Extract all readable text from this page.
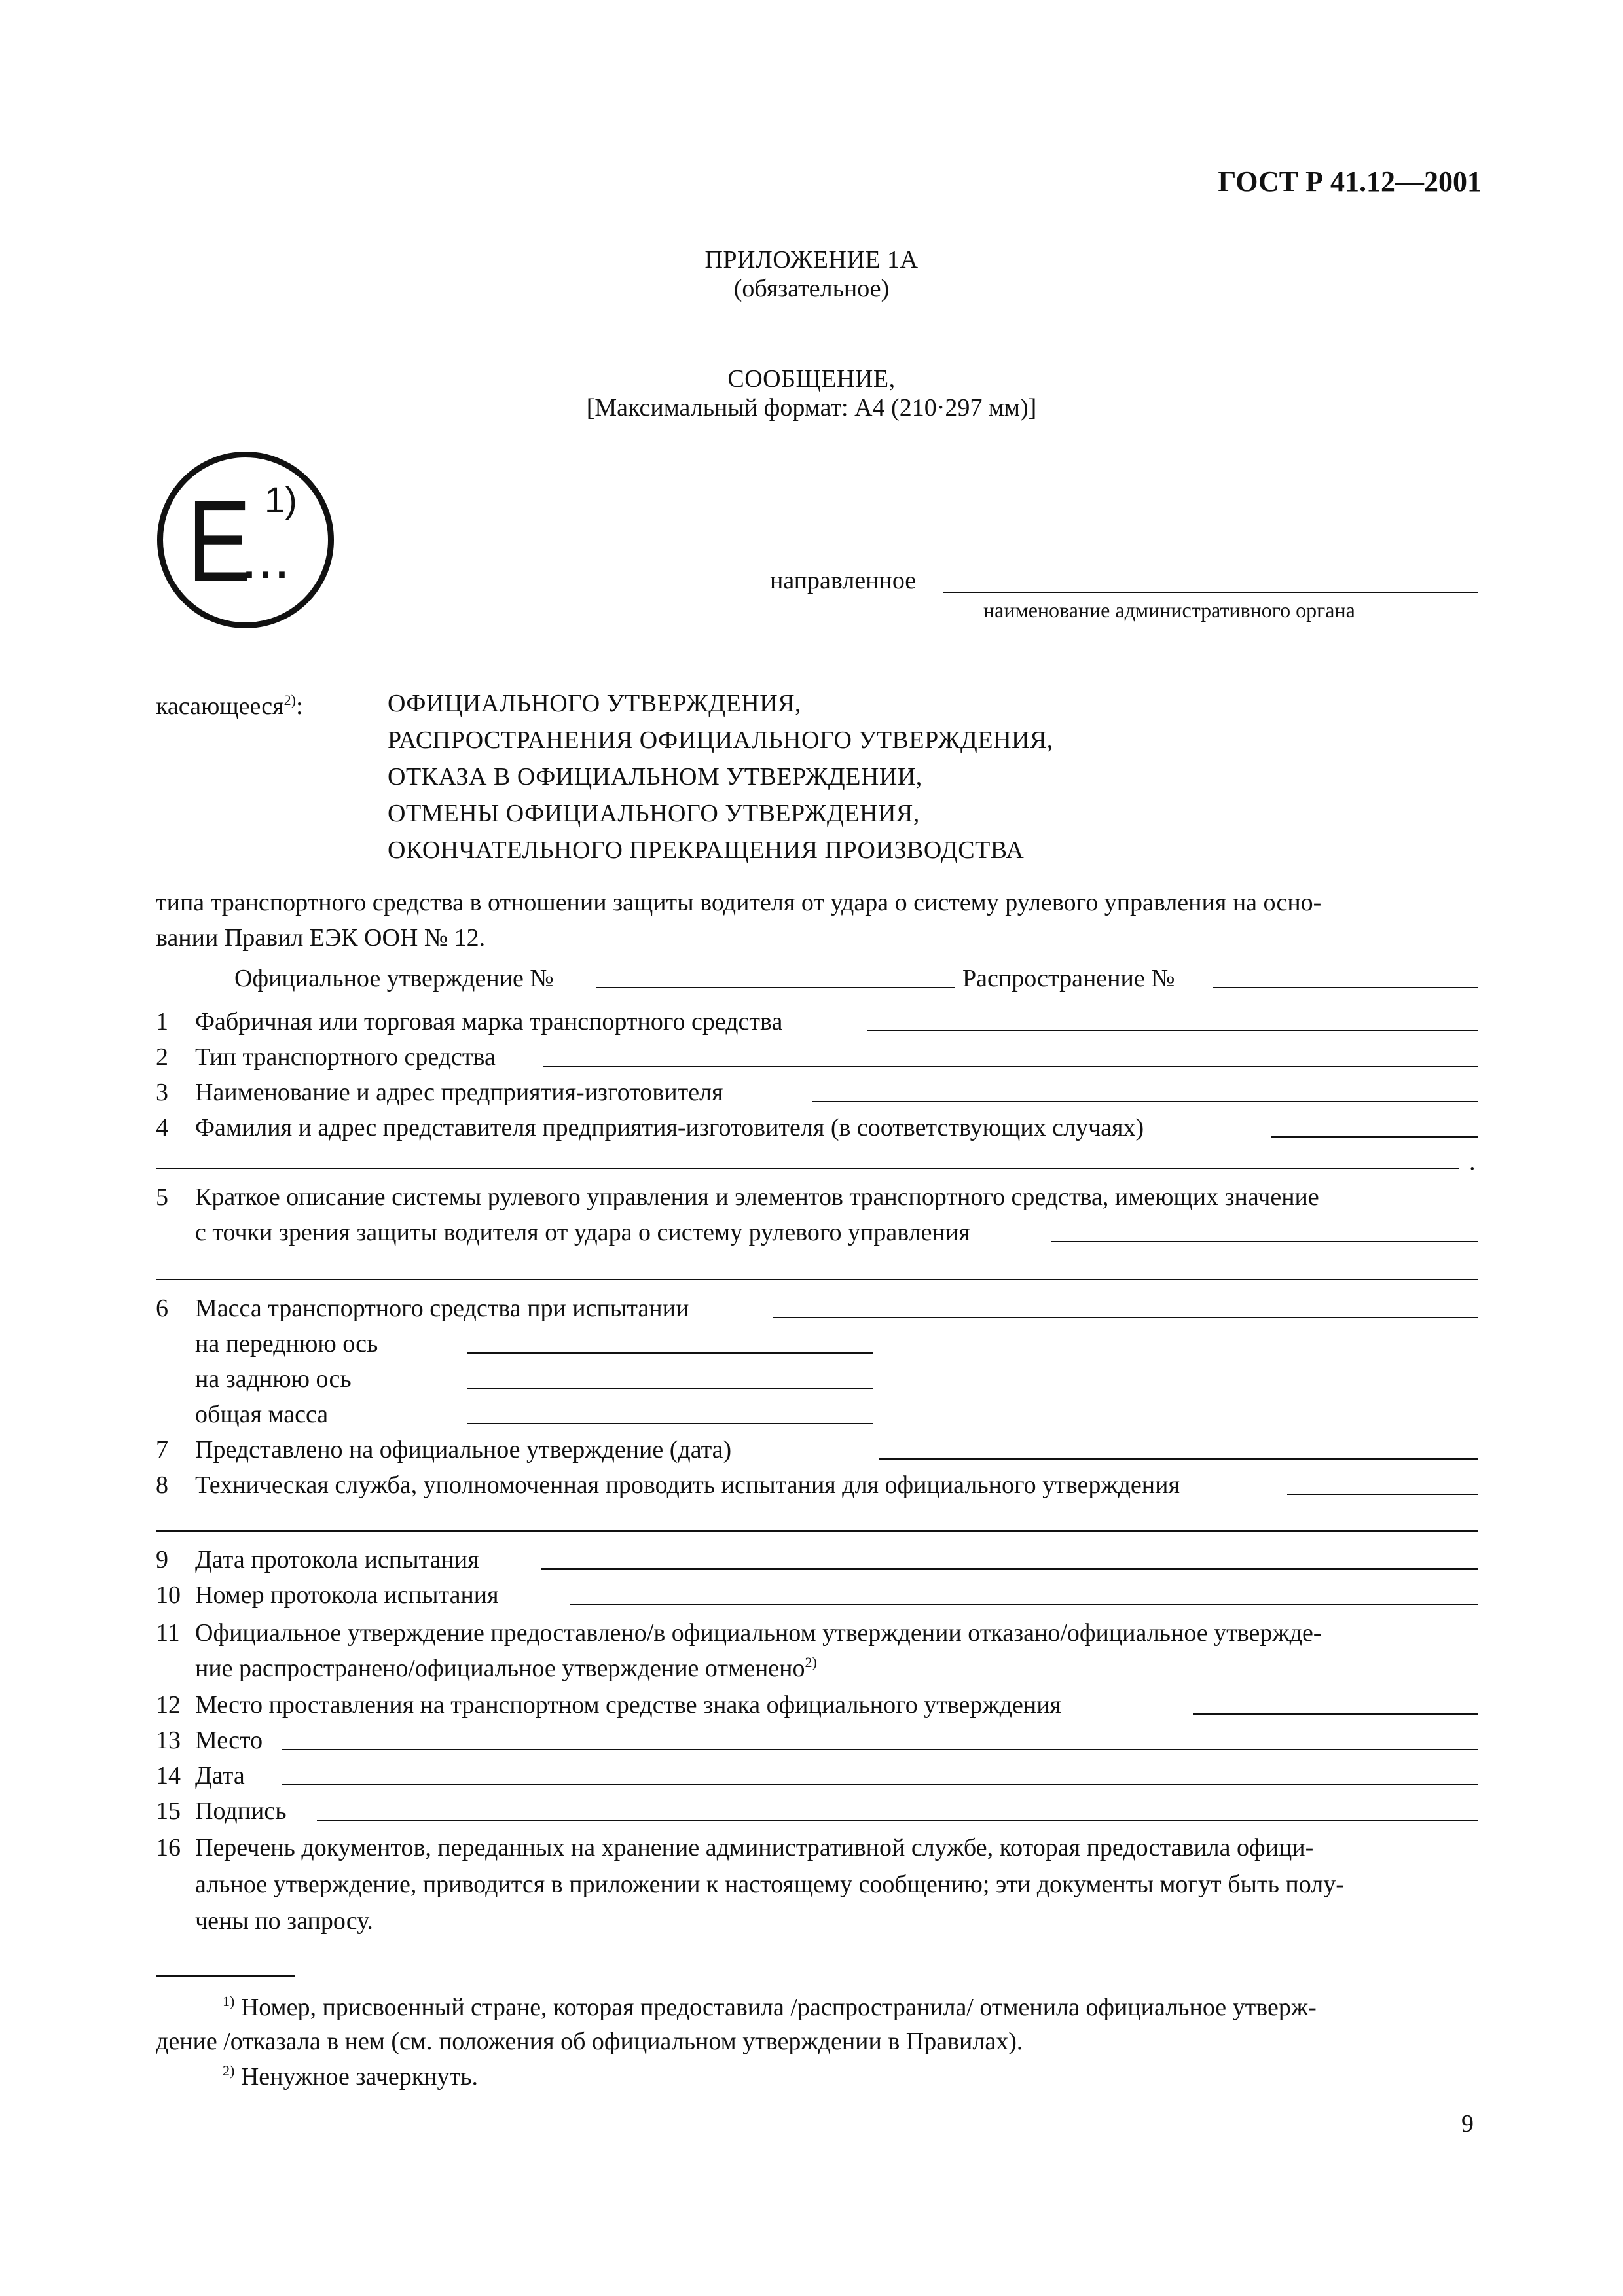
ГОСТ Р 41.12—2001
ПРИЛОЖЕНИЕ 1А
(обязательное)
СООБЩЕНИЕ,
[Максимальный формат: А4 (210·297 мм)]
E 1)
...	направленное
наименование административного органа
касающееся$^{2)}$:	ОФИЦИАЛЬНОГО УТВЕРЖДЕНИЯ,
РАСПРОСТРАНЕНИЯ ОФИЦИАЛЬНОГО УТВЕРЖДЕНИЯ,
ОТКАЗА В ОФИЦИАЛЬНОМ УТВЕРЖДЕНИИ,
ОТМЕНЫ ОФИЦИАЛЬНОГО УТВЕРЖДЕНИЯ,
ОКОНЧАТЕЛЬНОГО ПРЕКРАЩЕНИЯ ПРОИЗВОДСТВА
типа транспортного средства в отношении защиты водителя от удара о систему рулевого управления на осно-
вании Правил ЕЭК ООН № 12.
Официальное утверждение №	Распространение №
1 Фабричная или торговая марка транспортного средства
2 Тип транспортного средства
3 Наименование и адрес предприятия-изготовителя
4 Фамилия и адрес представителя предприятия-изготовителя (в соответствующих случаях)
.
5 Краткое описание системы рулевого управления и элементов транспортного средства, имеющих значение
с точки зрения защиты водителя от удара о систему рулевого управления
6 Масса транспортного средства при испытании
на переднюю ось
на заднюю ось
общая масса
7 Представлено на официальное утверждение (дата)
8 Техническая служба, уполномоченная проводить испытания для официального утверждения
9 Дата протокола испытания
10 Номер протокола испытания
11 Официальное утверждение предоставлено/в официальном утверждении отказано/официальное утвержде-
ние распространено/официальное утверждение отменено$^{2)}$
12 Место проставления на транспортном средстве знака официального утверждения
13 Место
14 Дата
15 Подпись
16 Перечень документов, переданных на хранение административной службе, которая предоставила офици-
альное утверждение, приводится в приложении к настоящему сообщению; эти документы могут быть полу-
чены по запросу.
$^{1)}$ Номер, присвоенный стране, которая предоставила /распространила/ отменила официальное утверж-
дение /отказала в нем (см. положения об официальном утверждении в Правилах).
$^{2)}$ Ненужное зачеркнуть.
9
